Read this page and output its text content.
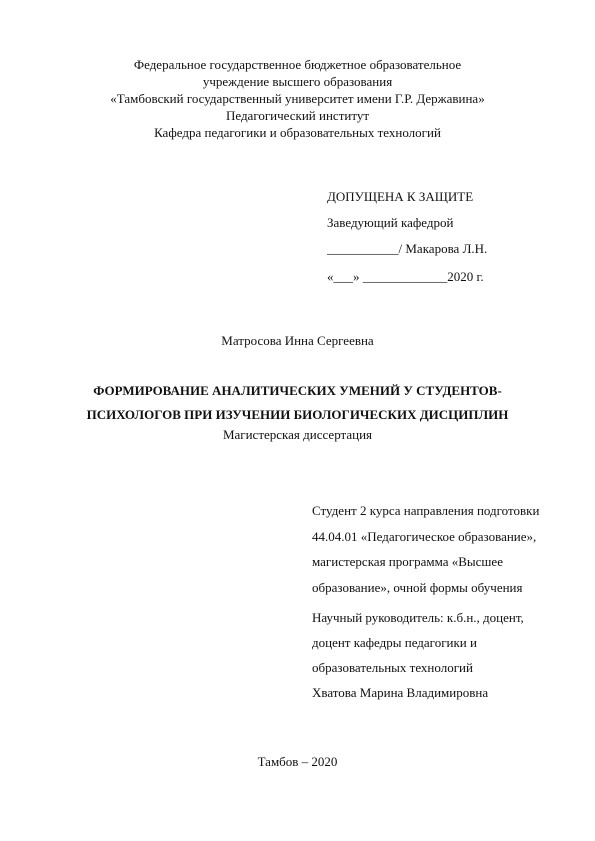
Федеральное государственное бюджетное образовательное
учреждение высшего образования
«Тамбовский государственный университет имени Г.Р. Державина»
Педагогический институт
Кафедра педагогики и образовательных технологий
ДОПУЩЕНА К ЗАЩИТЕ
Заведующий кафедрой
___________/ Макарова Л.Н.
«___» _____________2020 г.
Матросова Инна Сергеевна
ФОРМИРОВАНИЕ АНАЛИТИЧЕСКИХ УМЕНИЙ У СТУДЕНТОВ-
ПСИХОЛОГОВ ПРИ ИЗУЧЕНИИ БИОЛОГИЧЕСКИХ ДИСЦИПЛИН
Магистерская диссертация
Студент 2 курса направления подготовки
44.04.01 «Педагогическое образование»,
магистерская программа «Высшее
образование», очной формы обучения
Научный руководитель: к.б.н., доцент,
доцент кафедры педагогики и
образовательных технологий
Хватова Марина Владимировна
Тамбов – 2020
